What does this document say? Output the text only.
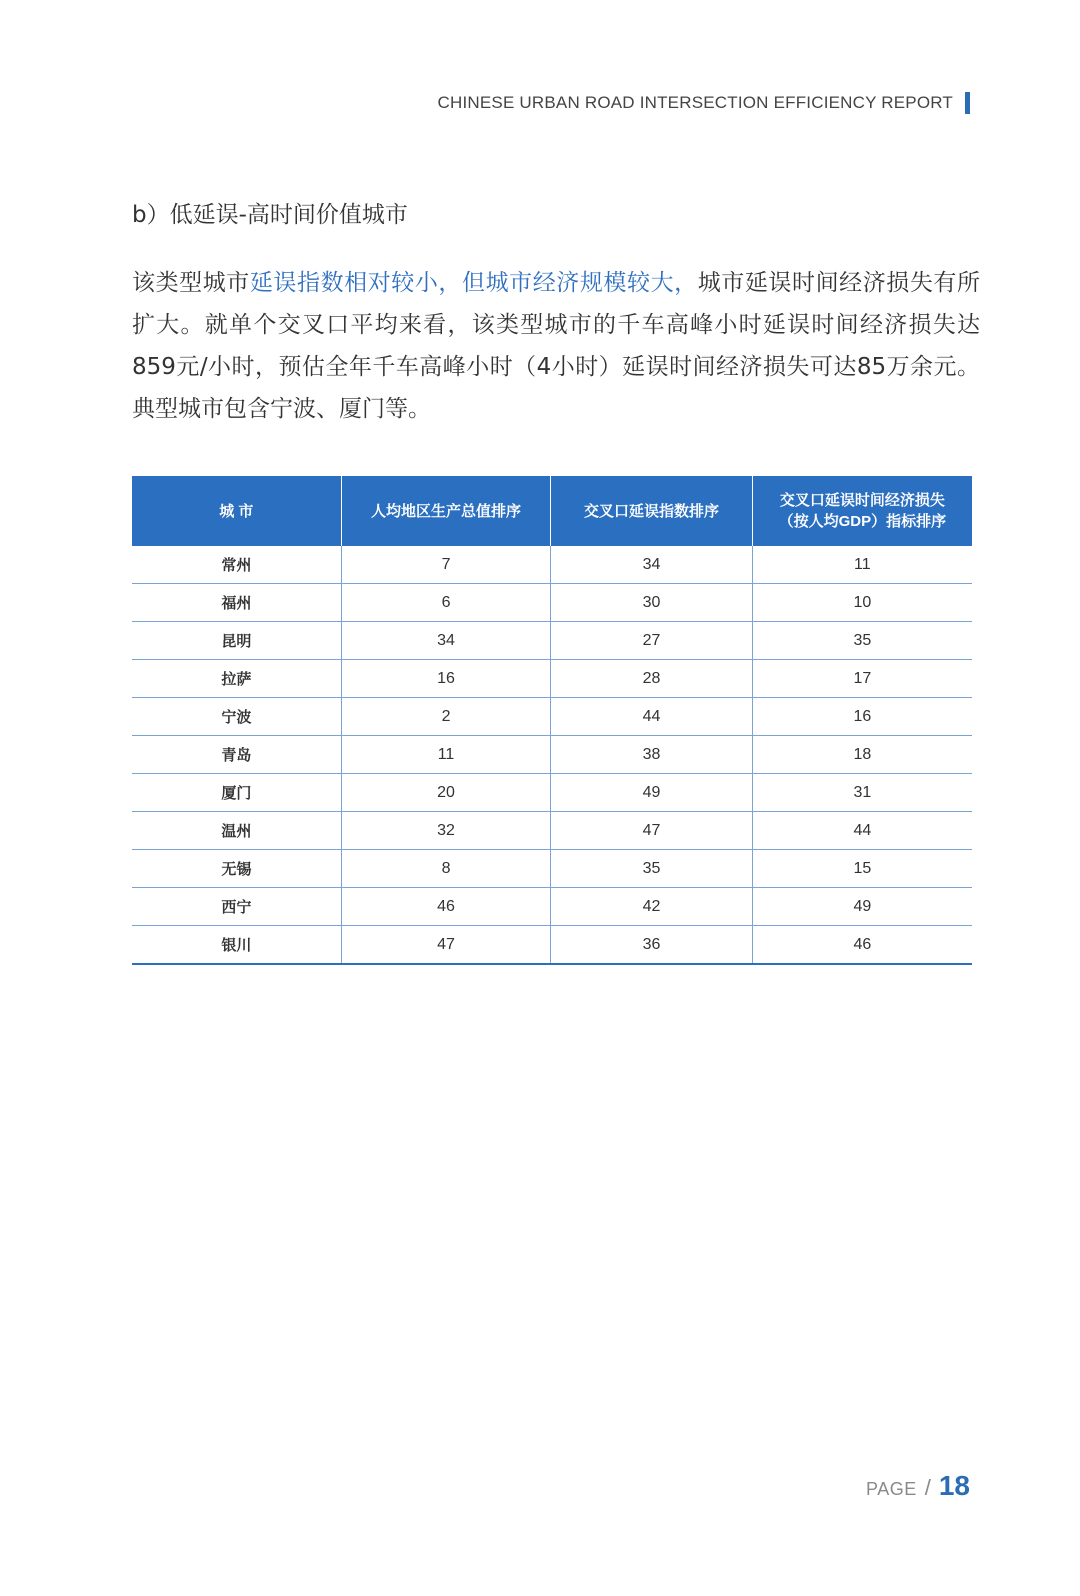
CHINESE URBAN ROAD INTERSECTION EFFICIENCY REPORT
b）低延误-高时间价值城市
该类型城市延误指数相对较小，但城市经济规模较大，城市延误时间经济损失有所扩大。就单个交叉口平均来看，该类型城市的千车高峰小时延误时间经济损失达859元/小时，预估全年千车高峰小时（4小时）延误时间经济损失可达85万余元。典型城市包含宁波、厦门等。
城 市	人均地区生产总值排序	交叉口延误指数排序	交叉口延误时间经济损失
（按人均GDP）指标排序
常州	7	34	11
福州	6	30	10
昆明	34	27	35
拉萨	16	28	17
宁波	2	44	16
青岛	11	38	18
厦门	20	49	31
温州	32	47	44
无锡	8	35	15
西宁	46	42	49
银川	47	36	46
PAGE / 18
